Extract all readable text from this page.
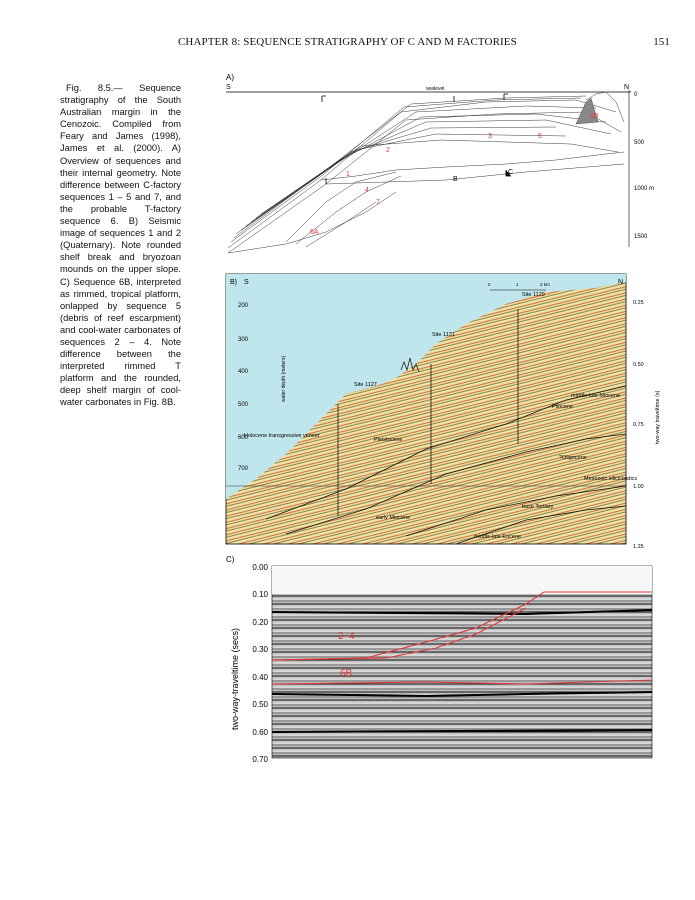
CHAPTER 8: SEQUENCE STRATIGRAPHY OF C AND M FACTORIES	151

Fig. 8.5.— Sequence stratigraphy of the South Australian margin in the Cenozoic. Compiled from Feary and James (1998), James et al. (2000). A) Overview of sequences and their internal geometry. Note difference between C-factory sequences 1 – 5 and 7, and the probable T-factory sequence 6. B) Seismic image of sequences 1 and 2 (Quaternary). Note rounded shelf break and bryozoan mounds on the upper slope. C) Sequence 6B, interpreted as rimmed, tropical platform, onlapped by sequence 5 (debris of reef escarpment) and cool-water carbonates of sequences 2 – 4. Note difference between the interpreted rimmed T platform and the rounded, deep shelf margin of cool-water carbonates in Fig. 8B.

A)
S	N
sealevel
0
500
1000 m
1500
B
C
6B
1
2
3	5
4
7
6A
B) S	N
0	1	2 km
200
300
400
500
600
700
water depth (meters)
0.25
0.50
0.75
1.00
1.25
two-way traveltime (s)
Site 1129
Site 1131
Site 1127
Holocene transgressive veneer
Pleistocene
Pliocene
middle-late Miocene
?Oligocene
Mesozoic siliciclastics
base Tertiary
early Miocene
middle-late Eocene
C)
2–4
6B
0.00
0.10
0.20
0.30
0.40
0.50
0.60
0.70
two-way-traveltime (secs)
